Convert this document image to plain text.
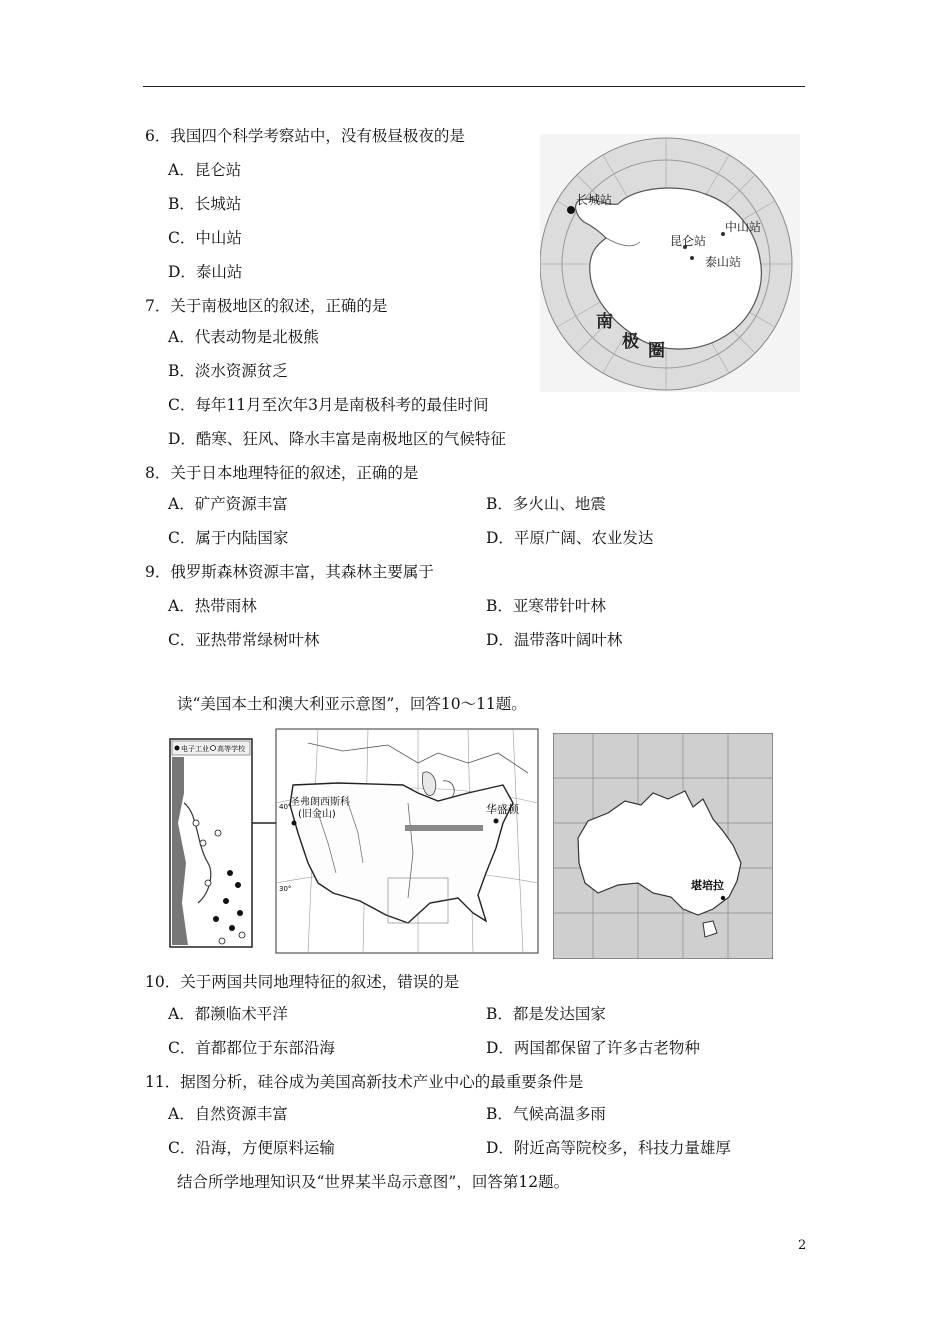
6．我国四个科学考察站中，没有极昼极夜的是
A．昆仑站
B．长城站
C．中山站
D．泰山站
7．关于南极地区的叙述，正确的是
A．代表动物是北极熊
B．淡水资源贫乏
C．每年11月至次年3月是南极科考的最佳时间
D．酷寒、狂风、降水丰富是南极地区的气候特征
8．关于日本地理特征的叙述，正确的是
A．矿产资源丰富	B．多火山、地震
C．属于内陆国家	D．平原广阔、农业发达
9．俄罗斯森林资源丰富，其森林主要属于
A．热带雨林	B．亚寒带针叶林
C．亚热带常绿树叶林	D．温带落叶阔叶林
读“美国本土和澳大利亚示意图”，回答10～11题。
10．关于两国共同地理特征的叙述，错误的是
A．都濒临术平洋	B．都是发达国家
C．首都都位于东部沿海	D．两国都保留了许多古老物种
11．据图分析，硅谷成为美国高新技术产业中心的最重要条件是
A．自然资源丰富	B．气候高温多雨
C．沿海，方便原料运输	D．附近高等院校多，科技力量雄厚
结合所学地理知识及“世界某半岛示意图”，回答第12题。
2
长城站
中山站
昆仑站
泰山站
南
极 圈
电子工业 高等学校
圣弗朗西斯科
(旧金山)	华盛顿
40°
30°	堪培拉
